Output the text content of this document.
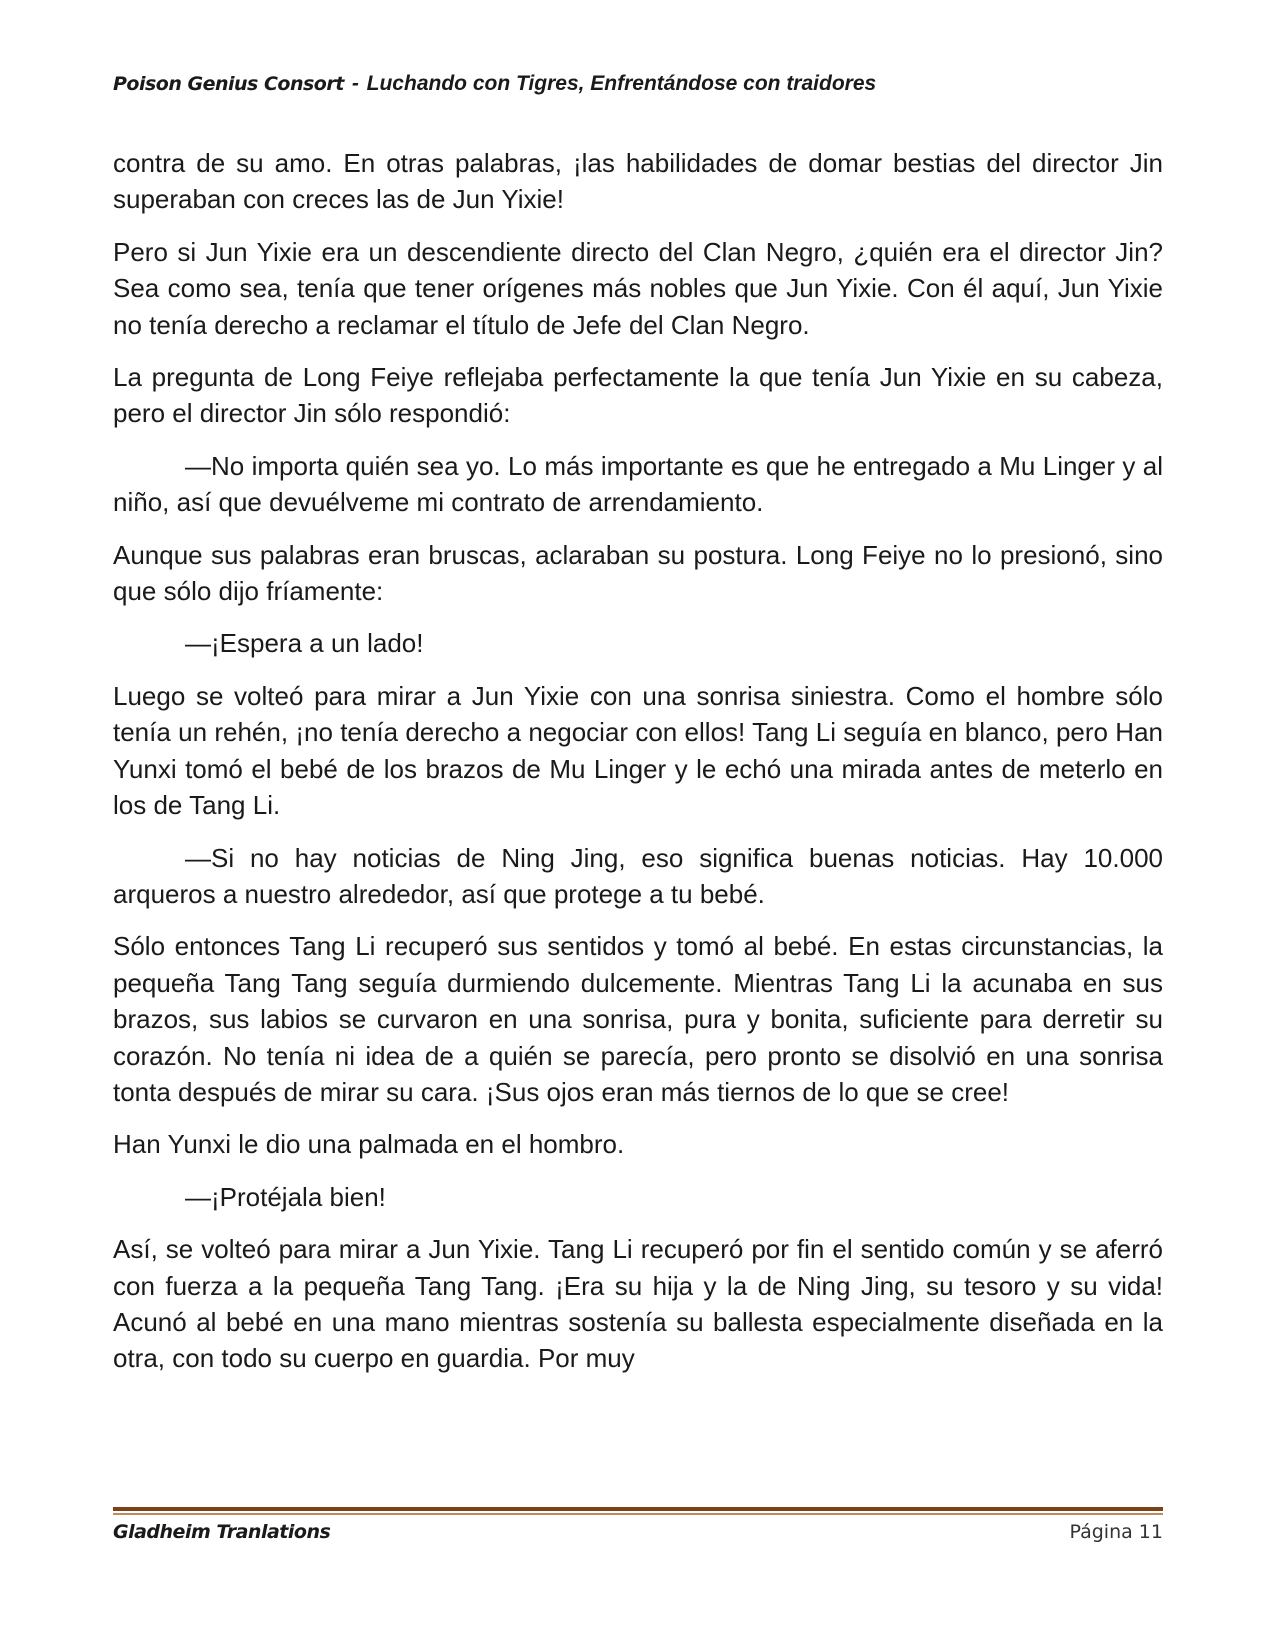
Poison Genius Consort - Luchando con Tigres, Enfrentándose con traidores

contra de su amo. En otras palabras, ¡las habilidades de domar bestias del director Jin superaban con creces las de Jun Yixie!

Pero si Jun Yixie era un descendiente directo del Clan Negro, ¿quién era el director Jin? Sea como sea, tenía que tener orígenes más nobles que Jun Yixie. Con él aquí, Jun Yixie no tenía derecho a reclamar el título de Jefe del Clan Negro.

La pregunta de Long Feiye reflejaba perfectamente la que tenía Jun Yixie en su cabeza, pero el director Jin sólo respondió:

—No importa quién sea yo. Lo más importante es que he entregado a Mu Linger y al niño, así que devuélveme mi contrato de arrendamiento.

Aunque sus palabras eran bruscas, aclaraban su postura. Long Feiye no lo presionó, sino que sólo dijo fríamente:

—¡Espera a un lado!

Luego se volteó para mirar a Jun Yixie con una sonrisa siniestra. Como el hombre sólo tenía un rehén, ¡no tenía derecho a negociar con ellos! Tang Li seguía en blanco, pero Han Yunxi tomó el bebé de los brazos de Mu Linger y le echó una mirada antes de meterlo en los de Tang Li.

—Si no hay noticias de Ning Jing, eso significa buenas noticias. Hay 10.000 arqueros a nuestro alrededor, así que protege a tu bebé.

Sólo entonces Tang Li recuperó sus sentidos y tomó al bebé. En estas circunstancias, la pequeña Tang Tang seguía durmiendo dulcemente. Mientras Tang Li la acunaba en sus brazos, sus labios se curvaron en una sonrisa, pura y bonita, suficiente para derretir su corazón. No tenía ni idea de a quién se parecía, pero pronto se disolvió en una sonrisa tonta después de mirar su cara. ¡Sus ojos eran más tiernos de lo que se cree!

Han Yunxi le dio una palmada en el hombro.

—¡Protéjala bien!

Así, se volteó para mirar a Jun Yixie. Tang Li recuperó por fin el sentido común y se aferró con fuerza a la pequeña Tang Tang. ¡Era su hija y la de Ning Jing, su tesoro y su vida! Acunó al bebé en una mano mientras sostenía su ballesta especialmente diseñada en la otra, con todo su cuerpo en guardia. Por muy

Gladheim Tranlations	Página 11
